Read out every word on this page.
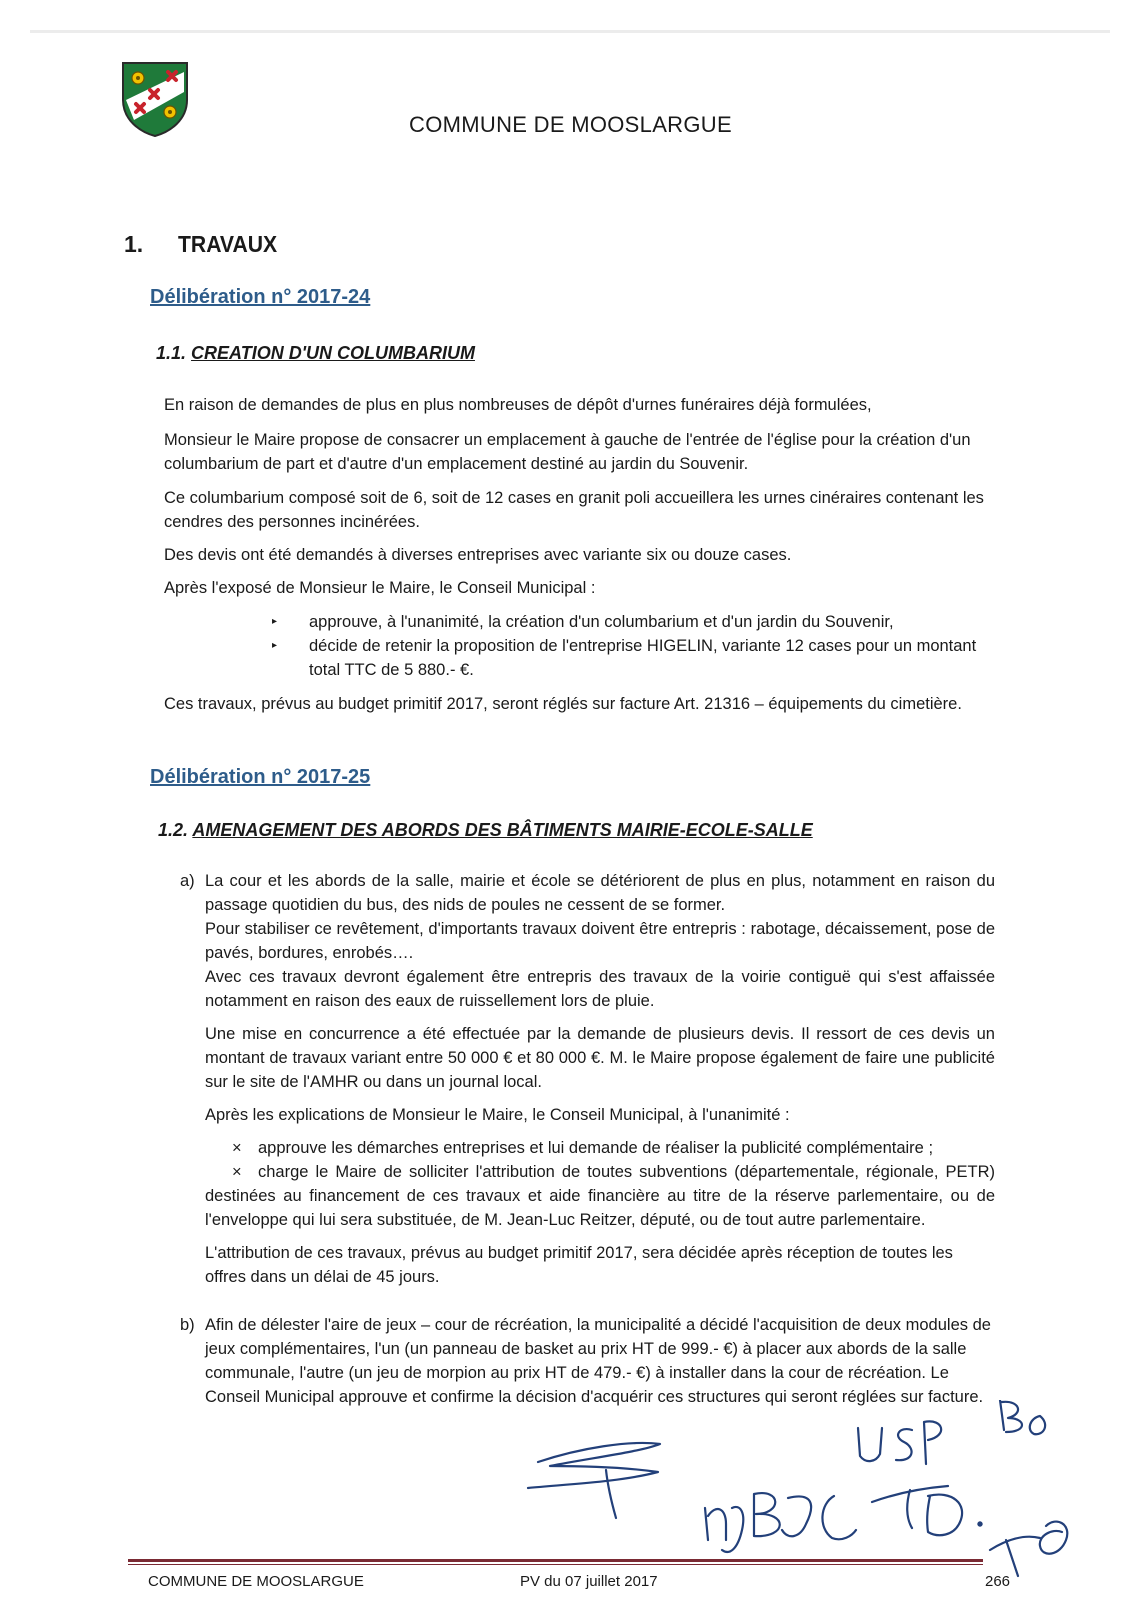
COMMUNE DE MOOSLARGUE
1. TRAVAUX
Délibération n° 2017-24
1.1. CREATION D'UN COLUMBARIUM
En raison de demandes de plus en plus nombreuses de dépôt d'urnes funéraires déjà formulées,
Monsieur le Maire propose de consacrer un emplacement à gauche de l'entrée de l'église pour la création d'un columbarium de part et d'autre d'un emplacement destiné au jardin du Souvenir.
Ce columbarium composé soit de 6, soit de 12 cases en granit poli accueillera les urnes cinéraires contenant les cendres des personnes incinérées.
Des devis ont été demandés à diverses entreprises avec variante six ou douze cases.
Après l'exposé de Monsieur le Maire, le Conseil Municipal :
▸	approuve, à l'unanimité, la création d'un columbarium et d'un jardin du Souvenir,
▸	décide de retenir la proposition de l'entreprise HIGELIN, variante 12 cases pour un montant total TTC de 5 880.- €.
Ces travaux, prévus au budget primitif 2017, seront réglés sur facture Art. 21316 – équipements du cimetière.
Délibération n° 2017-25
1.2. AMENAGEMENT DES ABORDS DES BÂTIMENTS MAIRIE-ECOLE-SALLE
a) La cour et les abords de la salle, mairie et école se détériorent de plus en plus, notamment en raison du passage quotidien du bus, des nids de poules ne cessent de se former.
Pour stabiliser ce revêtement, d'importants travaux doivent être entrepris : rabotage, décaissement, pose de pavés, bordures, enrobés….
Avec ces travaux devront également être entrepris des travaux de la voirie contiguë qui s'est affaissée notamment en raison des eaux de ruissellement lors de pluie.
Une mise en concurrence a été effectuée par la demande de plusieurs devis. Il ressort de ces devis un montant de travaux variant entre 50 000 € et 80 000 €. M. le Maire propose également de faire une publicité sur le site de l'AMHR ou dans un journal local.
Après les explications de Monsieur le Maire, le Conseil Municipal, à l'unanimité :
× approuve les démarches entreprises et lui demande de réaliser la publicité complémentaire ;
× charge le Maire de solliciter l'attribution de toutes subventions (départementale, régionale, PETR) destinées au financement de ces travaux et aide financière au titre de la réserve parlementaire, ou de l'enveloppe qui lui sera substituée, de M. Jean-Luc Reitzer, député, ou de tout autre parlementaire.
L'attribution de ces travaux, prévus au budget primitif 2017, sera décidée après réception de toutes les offres dans un délai de 45 jours.
b) Afin de délester l'aire de jeux – cour de récréation, la municipalité a décidé l'acquisition de deux modules de jeux complémentaires, l'un (un panneau de basket au prix HT de 999.- €) à placer aux abords de la salle communale, l'autre (un jeu de morpion au prix HT de 479.- €) à installer dans la cour de récréation. Le Conseil Municipal approuve et confirme la décision d'acquérir ces structures qui seront réglées sur facture.
COMMUNE DE MOOSLARGUE	PV du 07 juillet 2017	266
